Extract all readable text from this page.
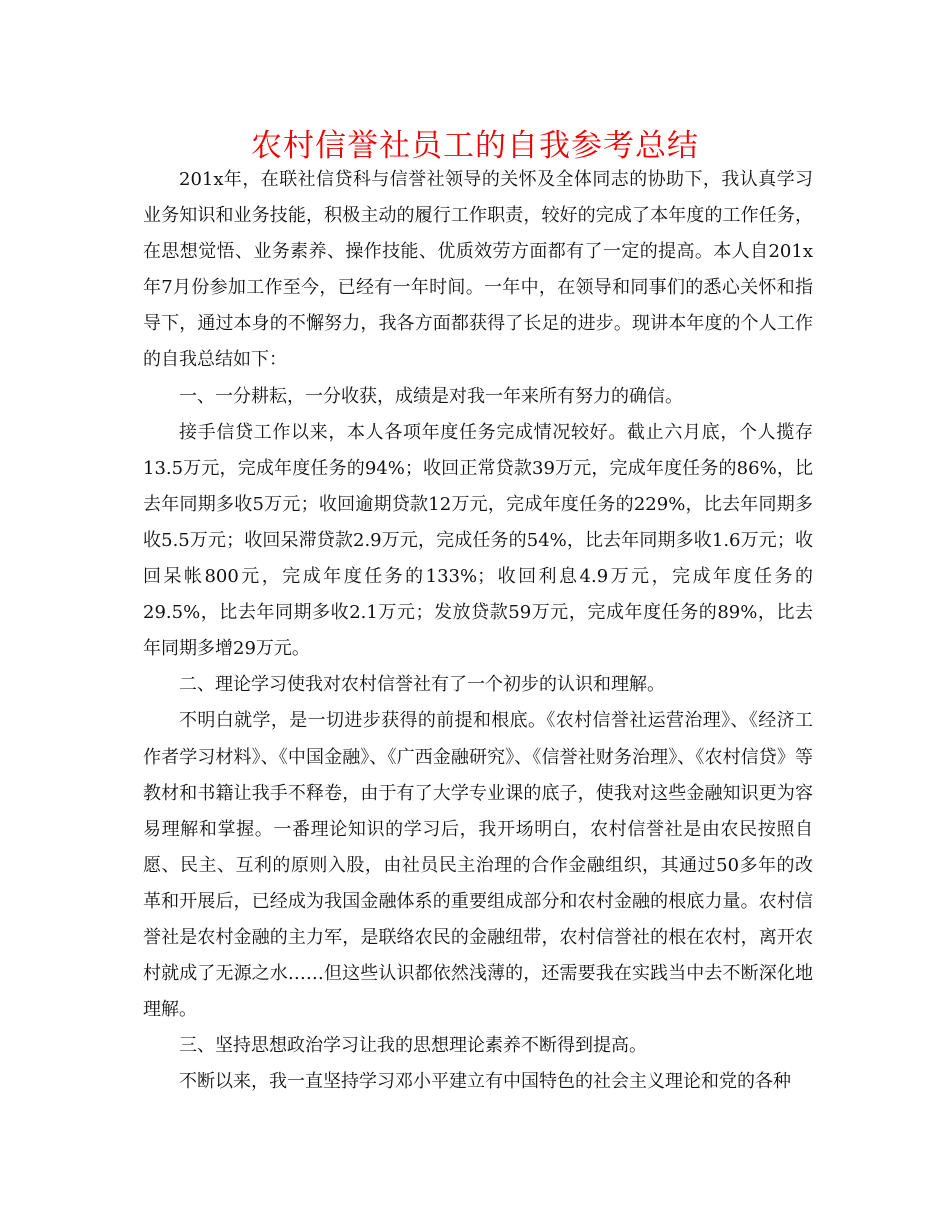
农村信誉社员工的自我参考总结

201x年，在联社信贷科与信誉社领导的关怀及全体同志的协助下，我认真学习业务知识和业务技能，积极主动的履行工作职责，较好的完成了本年度的工作任务，在思想觉悟、业务素养、操作技能、优质效劳方面都有了一定的提高。本人自201x年7月份参加工作至今，已经有一年时间。一年中，在领导和同事们的悉心关怀和指导下，通过本身的不懈努力，我各方面都获得了长足的进步。现讲本年度的个人工作的自我总结如下：

一、一分耕耘，一分收获，成绩是对我一年来所有努力的确信。

接手信贷工作以来，本人各项年度任务完成情况较好。截止六月底，个人揽存13.5万元，完成年度任务的94%；收回正常贷款39万元，完成年度任务的86%，比去年同期多收5万元；收回逾期贷款12万元，完成年度任务的229%，比去年同期多收5.5万元；收回呆滞贷款2.9万元，完成任务的54%，比去年同期多收1.6万元；收回呆帐800元，完成年度任务的133%；收回利息4.9万元，完成年度任务的29.5%，比去年同期多收2.1万元；发放贷款59万元，完成年度任务的89%，比去年同期多增29万元。

二、理论学习使我对农村信誉社有了一个初步的认识和理解。

不明白就学，是一切进步获得的前提和根底。《农村信誉社运营治理》、《经济工作者学习材料》、《中国金融》、《广西金融研究》、《信誉社财务治理》、《农村信贷》等教材和书籍让我手不释卷，由于有了大学专业课的底子，使我对这些金融知识更为容易理解和掌握。一番理论知识的学习后，我开场明白，农村信誉社是由农民按照自愿、民主、互利的原则入股，由社员民主治理的合作金融组织，其通过50多年的改革和开展后，已经成为我国金融体系的重要组成部分和农村金融的根底力量。农村信誉社是农村金融的主力军，是联络农民的金融纽带，农村信誉社的根在农村，离开农村就成了无源之水……但这些认识都依然浅薄的，还需要我在实践当中去不断深化地理解。

三、坚持思想政治学习让我的思想理论素养不断得到提高。

不断以来，我一直坚持学习邓小平建立有中国特色的社会主义理论和党的各种
